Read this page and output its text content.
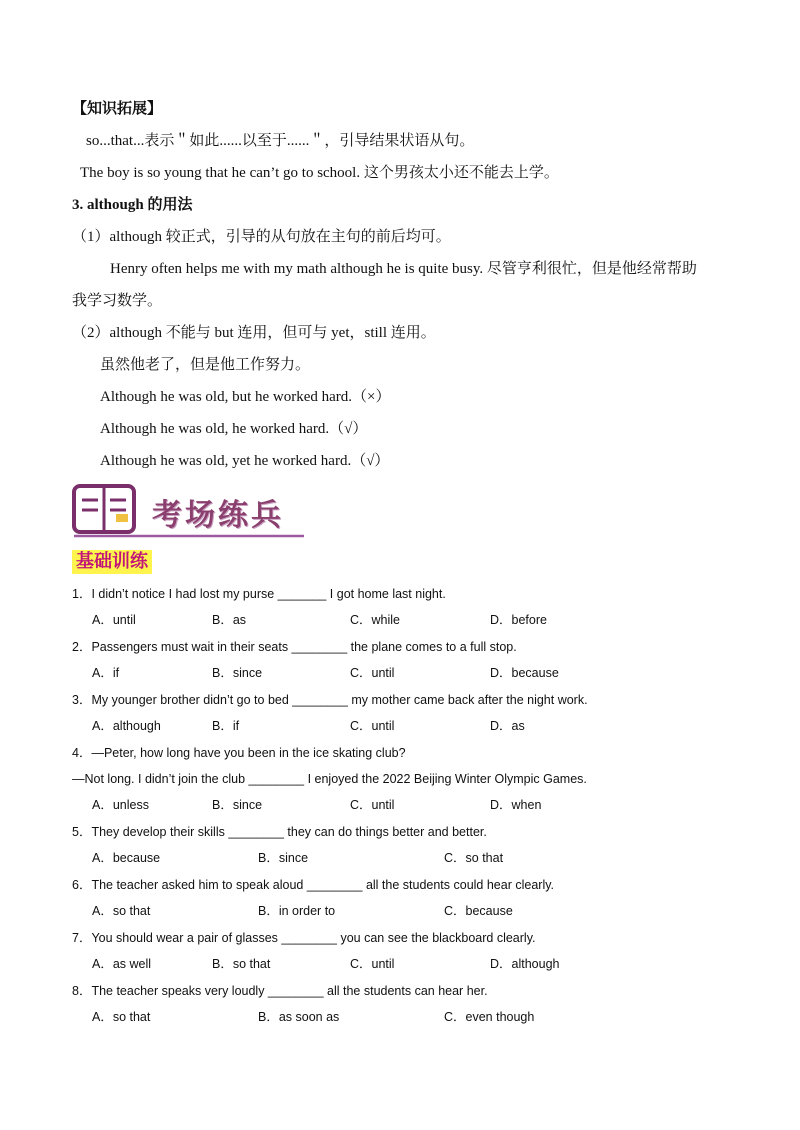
【知识拓展】
so...that...表示＂如此......以至于......＂，引导结果状语从句。
The boy is so young that he can’t go to school. 这个男孩太小还不能去上学。
3. although 的用法
（1）although 较正式，引导的从句放在主句的前后均可。
Henry often helps me with my math although he is quite busy. 尽管亨利很忙，但是他经常帮助
我学习数学。
（2）although 不能与 but 连用，但可与 yet，still 连用。
虽然他老了，但是他工作努力。
Although he was old, but he worked hard.（×）
Although he was old, he worked hard.（√）
Although he was old, yet he worked hard.（√）
考场练兵
基础训练
1．I didn’t notice I had lost my purse _______ I got home last night.
A．until	B．as	C．while	D．before
2．Passengers must wait in their seats ________ the plane comes to a full stop.
A．if	B．since	C．until	D．because
3．My younger brother didn’t go to bed ________ my mother came back after the night work.
A．although	B．if	C．until	D．as
4．—Peter, how long have you been in the ice skating club?
—Not long. I didn’t join the club ________ I enjoyed the 2022 Beijing Winter Olympic Games.
A．unless	B．since	C．until	D．when
5．They develop their skills ________ they can do things better and better.
A．because	B．since	C．so that
6．The teacher asked him to speak aloud ________ all the students could hear clearly.
A．so that	B．in order to	C．because
7．You should wear a pair of glasses ________ you can see the blackboard clearly.
A．as well	B．so that	C．until	D．although
8．The teacher speaks very loudly ________ all the students can hear her.
A．so that	B．as soon as	C．even though
